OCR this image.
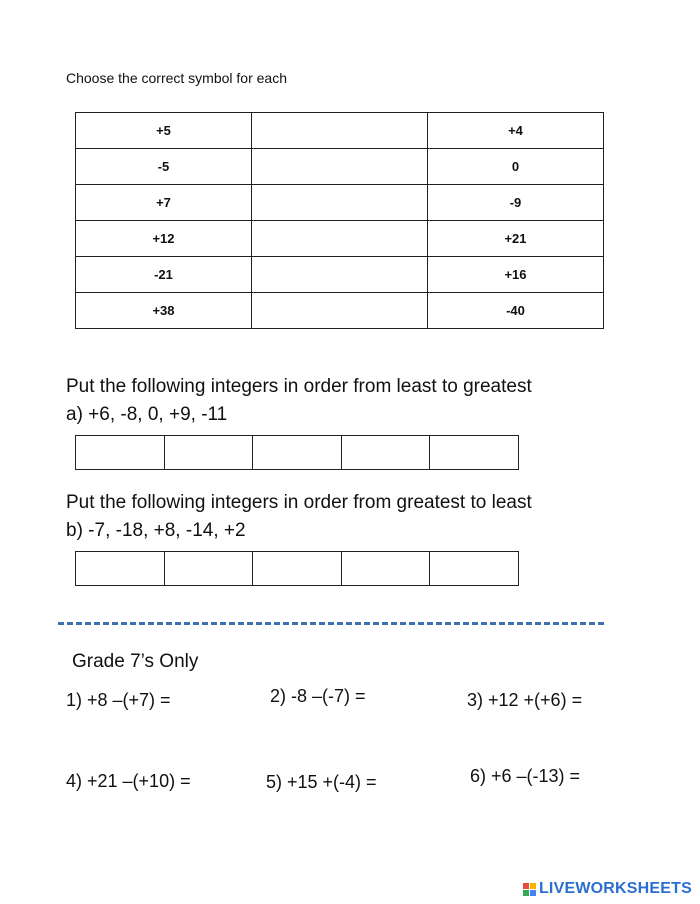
Choose the correct symbol for each
+5		+4
-5		0
+7		-9
+12		+21
-21		+16
+38		-40
Put the following integers in order from least to greatest
a) +6, -8, 0, +9, -11
Put the following integers in order from greatest to least
b) -7, -18, +8, -14, +2
Grade 7’s Only
1) +8 –(+7) =	2) -8 –(-7) =	3) +12 +(+6) =
4) +21 –(+10) =	5) +15 +(-4) =	6) +6 –(-13) =
LIVEWORKSHEETS
